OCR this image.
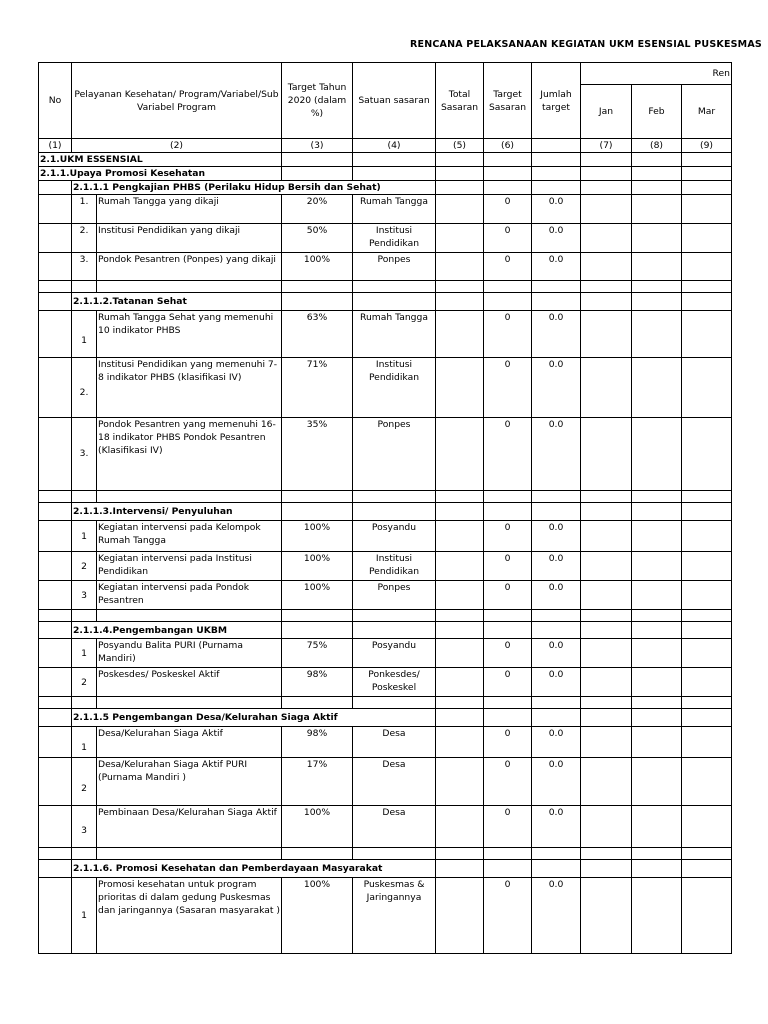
RENCANA PELAKSANAAN KEGIATAN UKM ESENSIAL PUSKESMAS
No	Pelayanan Kesehatan/ Program/Variabel/Sub Variabel Program		Target Tahun 2020 (dalam %)	Satuan sasaran	Total Sasaran	Target Sasaran	Jumlah target	Ren		
								Jan	Feb	Mar
(1)	(2)		(3)	(4)	(5)	(6)		(7)	(8)	(9)
2.1.UKM ESSENSIAL										
2.1.1.Upaya Promosi Kesehatan										
	2.1.1.1 Pengkajian PHBS (Perilaku Hidup Bersih dan Sehat)									
	1.	Rumah Tangga yang dikaji	20%	Rumah Tangga		0	0.0			
	2.	Institusi Pendidikan yang dikaji	50%	Institusi Pendidikan		0	0.0			
	3.	Pondok Pesantren (Ponpes) yang dikaji	100%	Ponpes		0	0.0			

	2.1.1.2.Tatanan Sehat									
	1	Rumah Tangga Sehat yang memenuhi 10 indikator PHBS	63%	Rumah Tangga		0	0.0			
	2.	Institusi Pendidikan yang memenuhi 7-8 indikator PHBS (klasifikasi IV)	71%	Institusi Pendidikan		0	0.0			
	3.	Pondok Pesantren yang memenuhi 16-18 indikator PHBS Pondok Pesantren (Klasifikasi IV)	35%	Ponpes		0	0.0			

	2.1.1.3.Intervensi/ Penyuluhan									
	1	Kegiatan intervensi pada Kelompok Rumah Tangga	100%	Posyandu		0	0.0			
	2	Kegiatan intervensi pada Institusi Pendidikan	100%	Institusi Pendidikan		0	0.0			
	3	Kegiatan intervensi pada Pondok Pesantren	100%	Ponpes		0	0.0			

	2.1.1.4.Pengembangan UKBM									
	1	Posyandu Balita PURI (Purnama Mandiri)	75%	Posyandu		0	0.0			
	2	Poskesdes/ Poskeskel Aktif	98%	Ponkesdes/ Poskeskel		0	0.0			

	2.1.1.5 Pengembangan Desa/Kelurahan Siaga Aktif									
	1	Desa/Kelurahan Siaga Aktif	98%	Desa		0	0.0			
	2	Desa/Kelurahan Siaga Aktif PURI (Purnama Mandiri )	17%	Desa		0	0.0			
	3	Pembinaan Desa/Kelurahan Siaga Aktif	100%	Desa		0	0.0			

	2.1.1.6. Promosi Kesehatan dan Pemberdayaan Masyarakat									
	1	Promosi kesehatan untuk program prioritas di dalam gedung Puskesmas dan jaringannya (Sasaran masyarakat )	100%	Puskesmas & Jaringannya		0	0.0			
